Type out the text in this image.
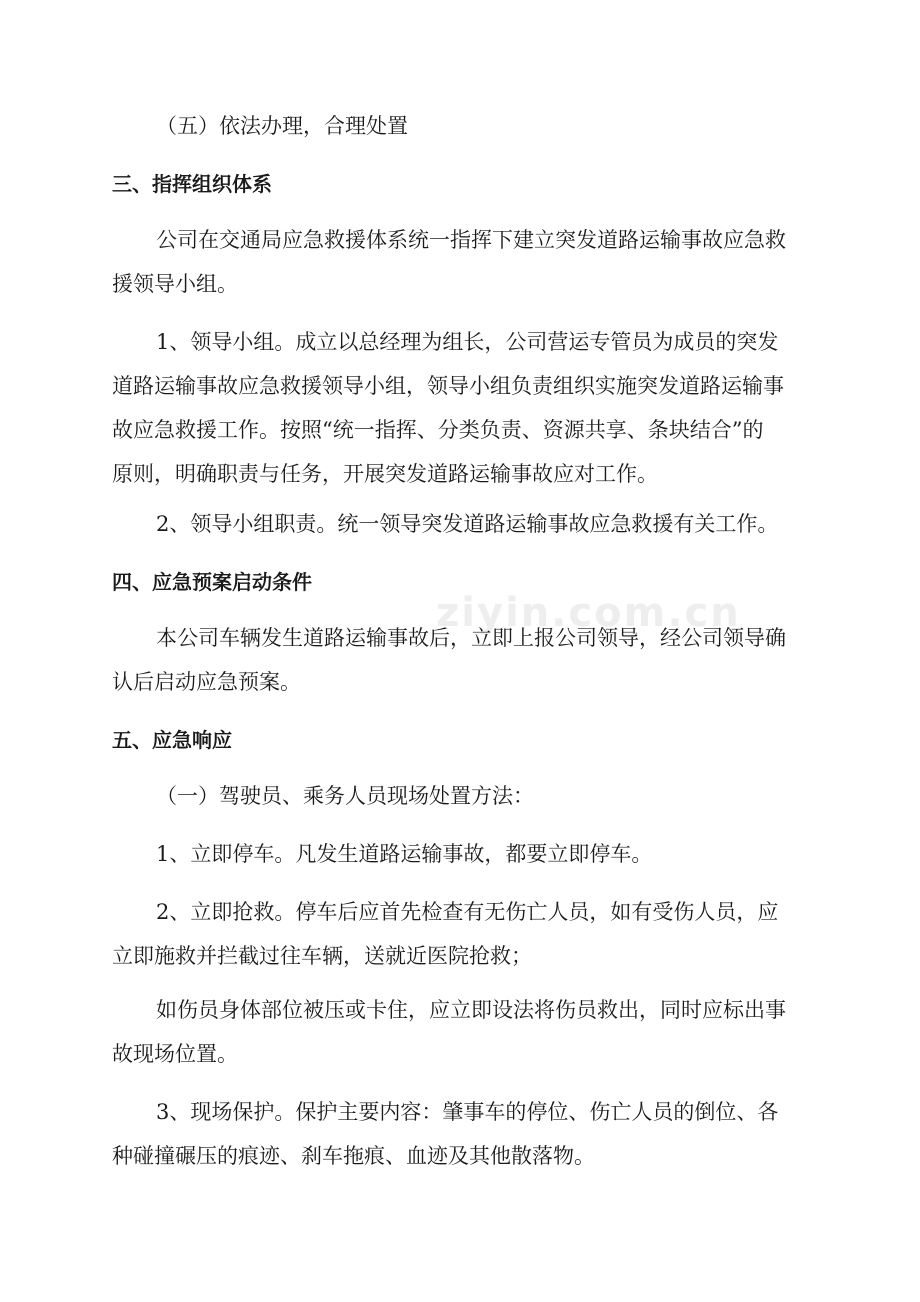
ziyin.com.cn
（五）依法办理，合理处置
三、指挥组织体系
公司在交通局应急救援体系统一指挥下建立突发道路运输事故应急救
援领导小组。
1、领导小组。成立以总经理为组长，公司营运专管员为成员的突发
道路运输事故应急救援领导小组，领导小组负责组织实施突发道路运输事
故应急救援工作。按照“统一指挥、分类负责、资源共享、条块结合”的
原则，明确职责与任务，开展突发道路运输事故应对工作。
2、领导小组职责。统一领导突发道路运输事故应急救援有关工作。
四、应急预案启动条件
本公司车辆发生道路运输事故后，立即上报公司领导，经公司领导确
认后启动应急预案。
五、应急响应
（一）驾驶员、乘务人员现场处置方法：
1、立即停车。凡发生道路运输事故，都要立即停车。
2、立即抢救。停车后应首先检查有无伤亡人员，如有受伤人员，应
立即施救并拦截过往车辆，送就近医院抢救；
如伤员身体部位被压或卡住，应立即设法将伤员救出，同时应标出事
故现场位置。
3、现场保护。保护主要内容：肇事车的停位、伤亡人员的倒位、各
种碰撞碾压的痕迹、刹车拖痕、血迹及其他散落物。
